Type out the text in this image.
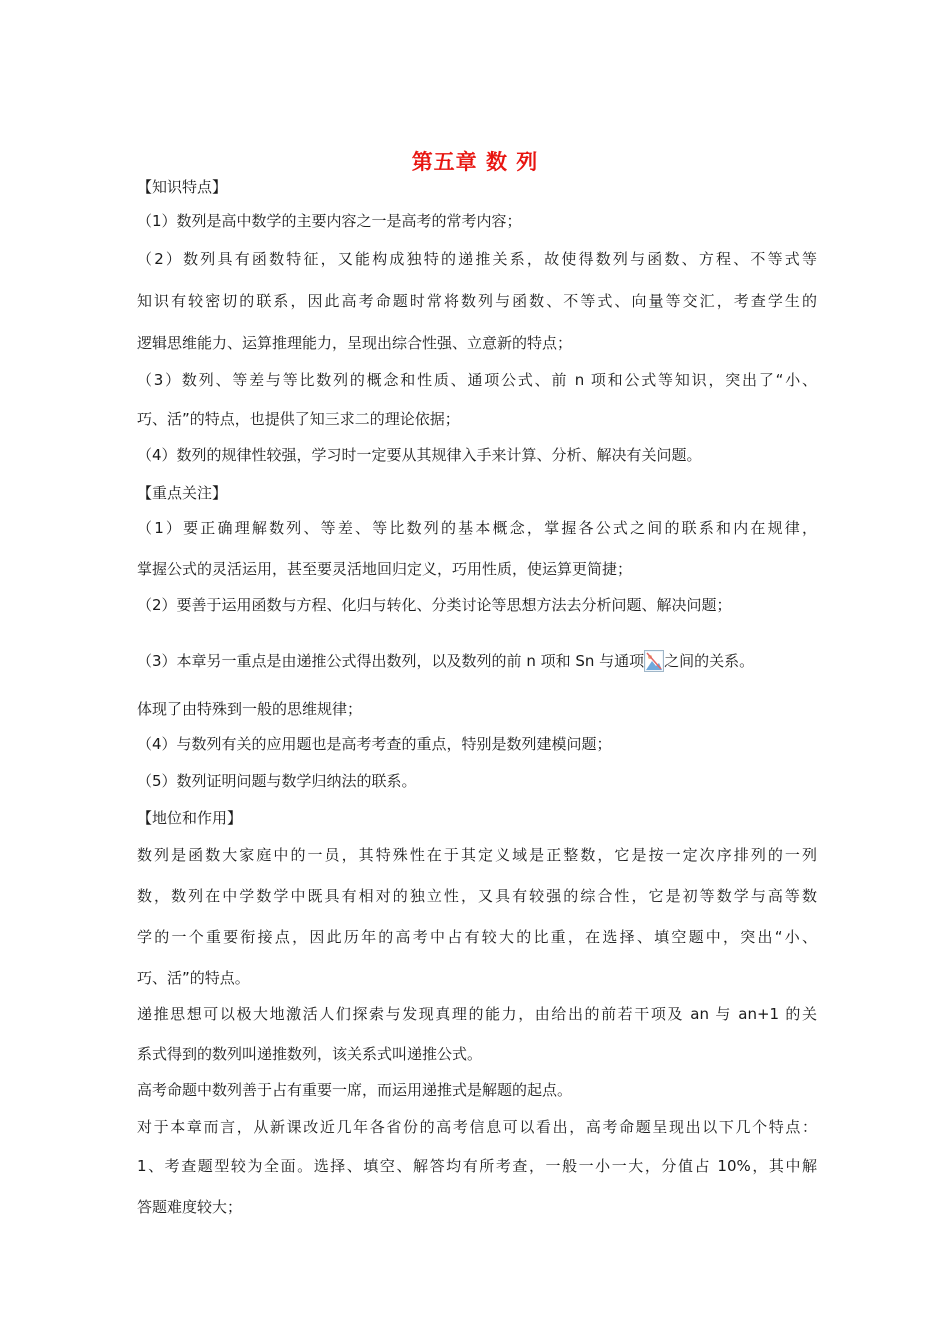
第五章 数 列
【知识特点】
（1）数列是高中数学的主要内容之一是高考的常考内容；
（2）数列具有函数特征，又能构成独特的递推关系，故使得数列与函数、方程、不等式等
知识有较密切的联系，因此高考命题时常将数列与函数、不等式、向量等交汇，考查学生的
逻辑思维能力、运算推理能力，呈现出综合性强、立意新的特点；
（3）数列、等差与等比数列的概念和性质、通项公式、前 n 项和公式等知识，突出了“小、
巧、活”的特点，也提供了知三求二的理论依据；
（4）数列的规律性较强，学习时一定要从其规律入手来计算、分析、解决有关问题。
【重点关注】
（1）要正确理解数列、等差、等比数列的基本概念，掌握各公式之间的联系和内在规律，
掌握公式的灵活运用，甚至要灵活地回归定义，巧用性质，使运算更简捷；
（2）要善于运用函数与方程、化归与转化、分类讨论等思想方法去分析问题、解决问题；
（3）本章另一重点是由递推公式得出数列，以及数列的前 n 项和 Sn 与通项 之间的关系。
体现了由特殊到一般的思维规律；
（4）与数列有关的应用题也是高考考查的重点，特别是数列建模问题；
（5）数列证明问题与数学归纳法的联系。
【地位和作用】
数列是函数大家庭中的一员，其特殊性在于其定义域是正整数，它是按一定次序排列的一列
数，数列在中学数学中既具有相对的独立性，又具有较强的综合性，它是初等数学与高等数
学的一个重要衔接点，因此历年的高考中占有较大的比重，在选择、填空题中，突出“小、
巧、活”的特点。
递推思想可以极大地激活人们探索与发现真理的能力，由给出的前若干项及 an 与 an+1 的关
系式得到的数列叫递推数列，该关系式叫递推公式。
高考命题中数列善于占有重要一席，而运用递推式是解题的起点。
对于本章而言，从新课改近几年各省份的高考信息可以看出，高考命题呈现出以下几个特点：
1、考查题型较为全面。选择、填空、解答均有所考查，一般一小一大，分值占 10%，其中解
答题难度较大；
